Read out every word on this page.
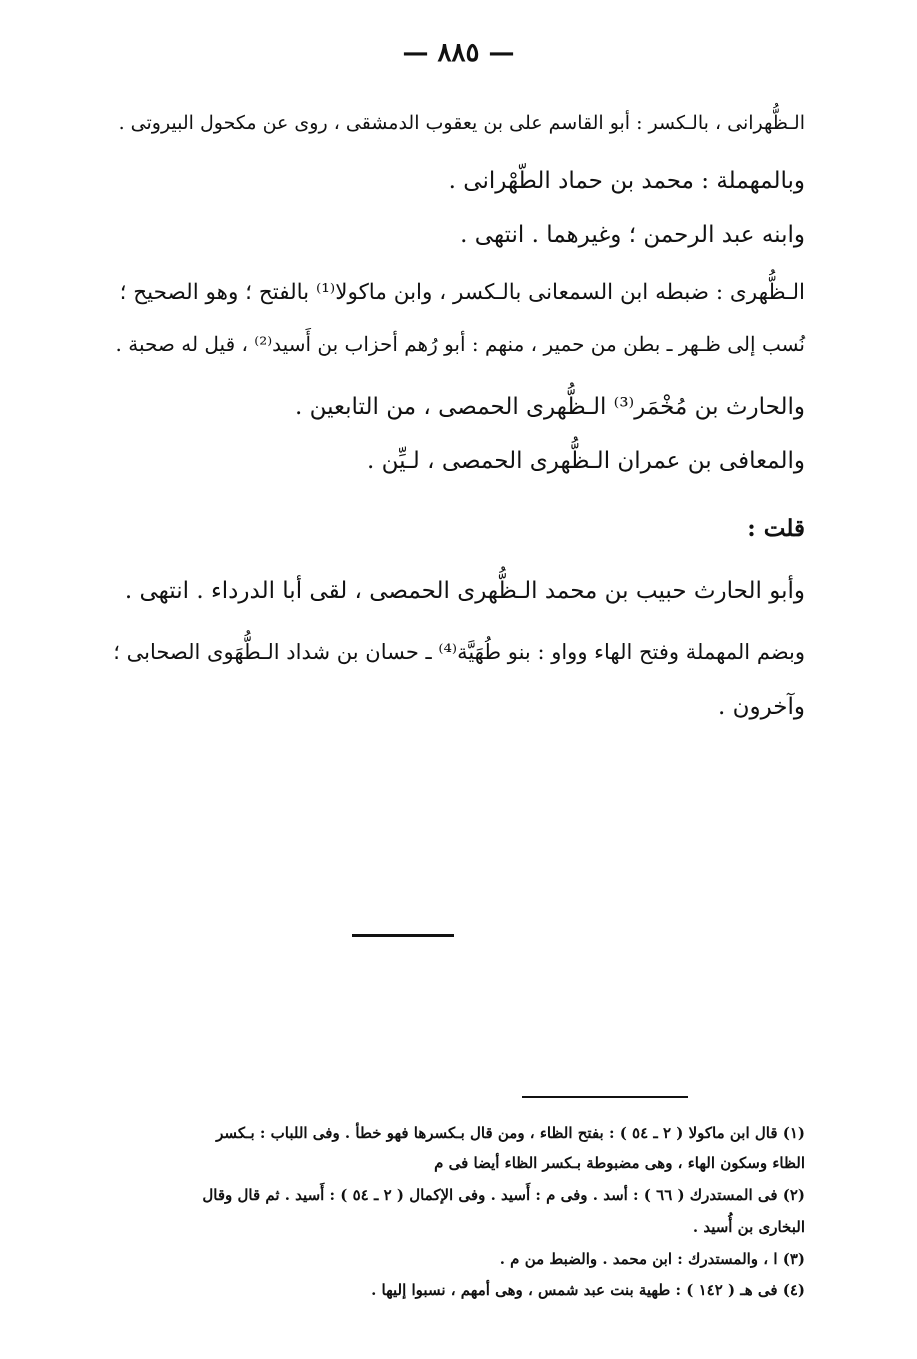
— ٨٨٥ —
الـظُّهرانى ، بالـكسر : أبو القاسم على بن يعقوب الدمشقى ، روى عن مكحول البيروتى .
وبالمهملة : محمد بن حماد الطّهْرانى .
وابنه عبد الرحمن ؛ وغيرهما . انتهى .
الـظُّهرى : ضبطه ابن السمعانى بالـكسر ، وابن ماكولا⁽¹⁾ بالفتح ؛ وهو الصحيح ؛
نُسب إلى ظـهر ـ بطن من حمير ، منهم : أبو رُهم أحزاب بن أَسيد⁽²⁾ ، قيل له صحبة .
والحارث بن مُخْمَر⁽³⁾ الـظُّهرى الحمصى ، من التابعين .
والمعافى بن عمران الـظُّهرى الحمصى ، لـيِّن .
قلت :
وأبو الحارث حبيب بن محمد الـظُّهرى الحمصى ، لقى أبا الدرداء . انتهى .
وبضم المهملة وفتح الهاء وواو : بنو طُهَيَّة⁽⁴⁾ ـ حسان بن شداد الـطُّهَوى الصحابى ؛
وآخرون .
(١) قال ابن ماكولا ( ٢ ـ ٥٤ ) : بفتح الظاء ، ومن قال بـكسرها فهو خطأ . وفى اللباب : بـكسر
الظاء وسكون الهاء ، وهى مضبوطة بـكسر الظاء أيضا فى م
(٢) فى المستدرك ( ٦٦ ) : أسد . وفى م : أَسيد . وفى الإكمال ( ٢ ـ ٥٤ ) : أَسيد . ثم قال وقال
البخارى بن أُسيد .
(٣) ا ، والمستدرك : ابن محمد . والضبط من م .
(٤) فى هـ ( ١٤٢ ) : طهية بنت عبد شمس ، وهى أمهم ، نسبوا إليها .
